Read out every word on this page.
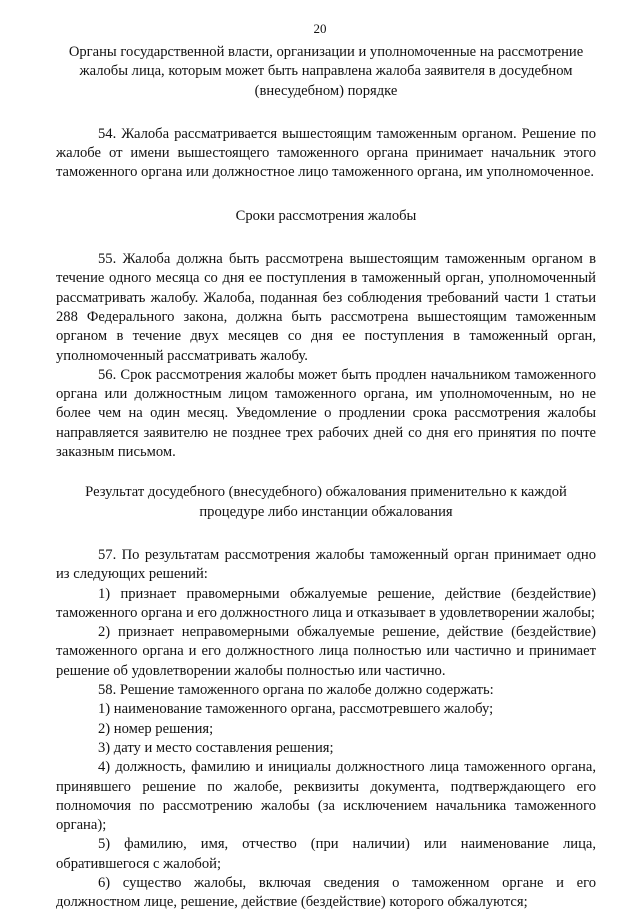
20

Органы государственной власти, организации и уполномоченные на рассмотрение жалобы лица, которым может быть направлена жалоба заявителя в досудебном (внесудебном) порядке

54. Жалоба рассматривается вышестоящим таможенным органом. Решение по жалобе от имени вышестоящего таможенного органа принимает начальник этого таможенного органа или должностное лицо таможенного органа, им уполномоченное.

Сроки рассмотрения жалобы

55. Жалоба должна быть рассмотрена вышестоящим таможенным органом в течение одного месяца со дня ее поступления в таможенный орган, уполномоченный рассматривать жалобу. Жалоба, поданная без соблюдения требований части 1 статьи 288 Федерального закона, должна быть рассмотрена вышестоящим таможенным органом в течение двух месяцев со дня ее поступления в таможенный орган, уполномоченный рассматривать жалобу.

56. Срок рассмотрения жалобы может быть продлен начальником таможенного органа или должностным лицом таможенного органа, им уполномоченным, но не более чем на один месяц. Уведомление о продлении срока рассмотрения жалобы направляется заявителю не позднее трех рабочих дней со дня его принятия по почте заказным письмом.

Результат досудебного (внесудебного) обжалования применительно к каждой процедуре либо инстанции обжалования

57. По результатам рассмотрения жалобы таможенный орган принимает одно из следующих решений:

1) признает правомерными обжалуемые решение, действие (бездействие) таможенного органа и его должностного лица и отказывает в удовлетворении жалобы;

2) признает неправомерными обжалуемые решение, действие (бездействие) таможенного органа и его должностного лица полностью или частично и принимает решение об удовлетворении жалобы полностью или частично.

58. Решение таможенного органа по жалобе должно содержать:

1) наименование таможенного органа, рассмотревшего жалобу;

2) номер решения;

3) дату и место составления решения;

4) должность, фамилию и инициалы должностного лица таможенного органа, принявшего решение по жалобе, реквизиты документа, подтверждающего его полномочия по рассмотрению жалобы (за исключением начальника таможенного органа);

5) фамилию, имя, отчество (при наличии) или наименование лица, обратившегося с жалобой;

6) существо жалобы, включая сведения о таможенном органе и его должностном лице, решение, действие (бездействие) которого обжалуются;
